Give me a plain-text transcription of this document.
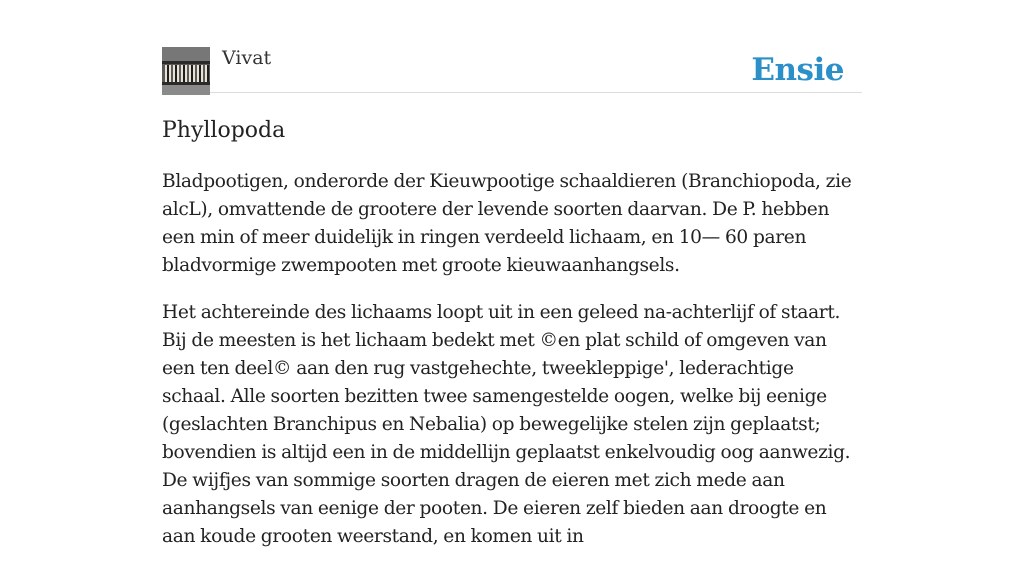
Vivat	Ensie
Phyllopoda

Bladpootigen, onderorde der Kieuwpootige schaaldieren (Branchiopoda, zie alcL), omvattende de grootere der levende soorten daarvan. De P. hebben een min of meer duidelijk in ringen verdeeld lichaam, en 10— 60 paren bladvormige zwempooten met groote kieuwaanhangsels.

Het achtereinde des lichaams loopt uit in een geleed na-achterlijf of staart. Bij de meesten is het lichaam bedekt met ©en plat schild of omgeven van een ten deel© aan den rug vastgehechte, tweekleppige', lederachtige schaal. Alle soorten bezitten twee samengestelde oogen, welke bij eenige (geslachten Branchipus en Nebalia) op bewegelijke stelen zijn geplaatst; bovendien is altijd een in de middellijn geplaatst enkelvoudig oog aanwezig. De wijfjes van sommige soorten dragen de eieren met zich mede aan aanhangsels van eenige der pooten. De eieren zelf bieden aan droogte en aan koude grooten weerstand, en komen uit in
